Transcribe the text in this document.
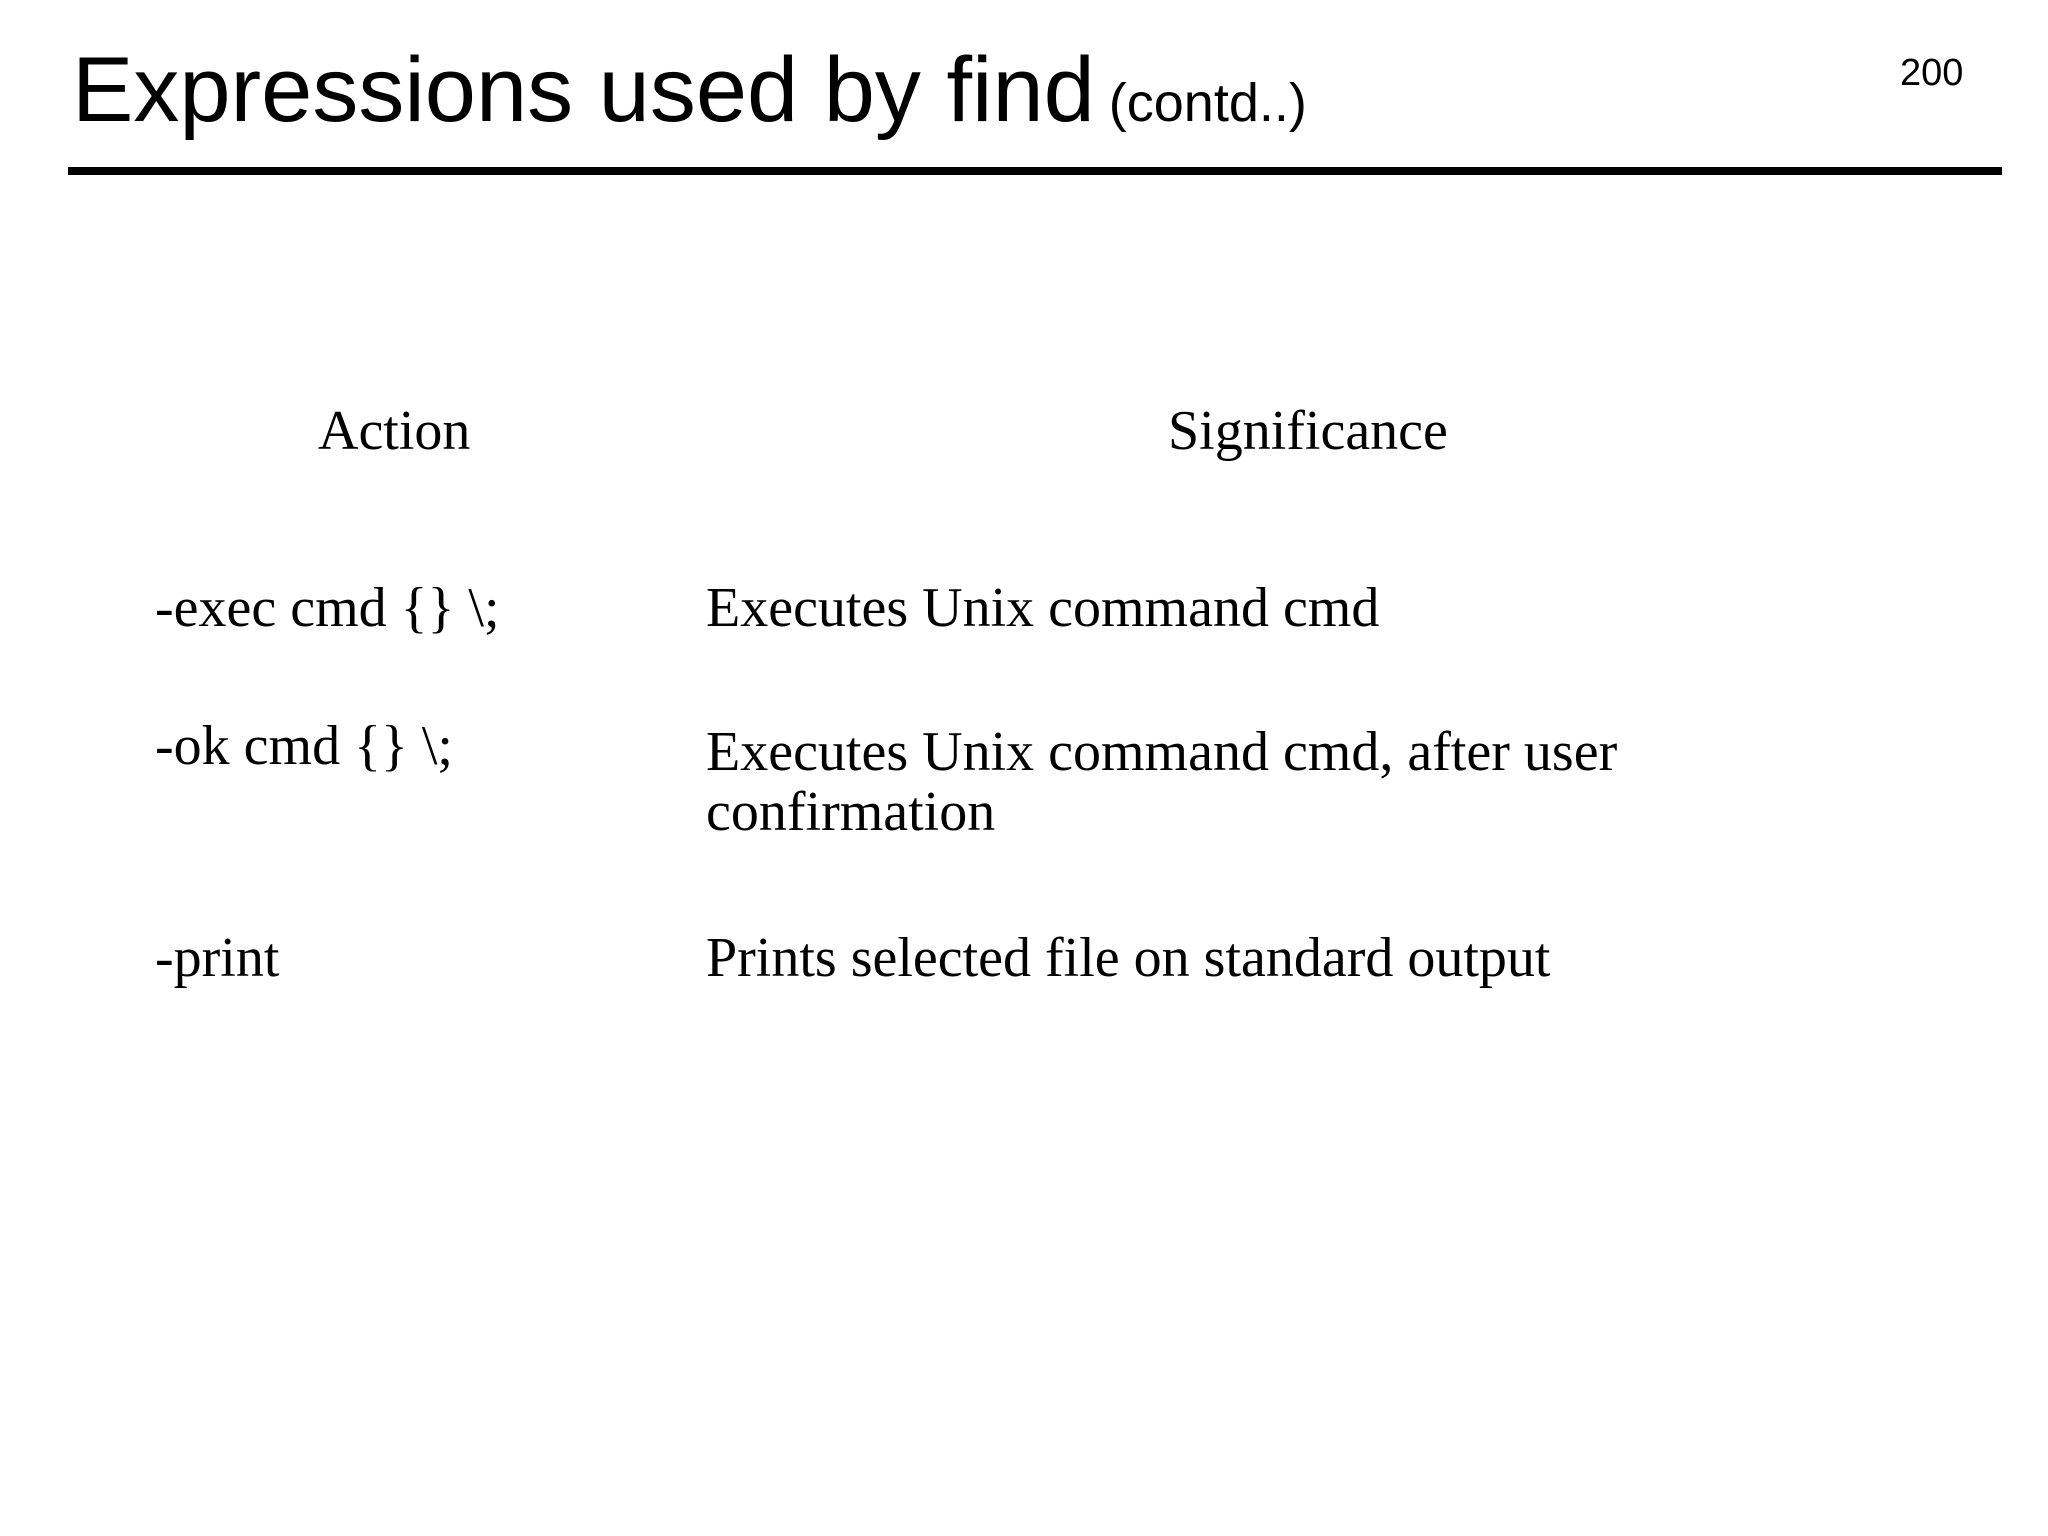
Expressions used by find (contd..)	200
Action	Significance
-exec cmd {} \;	Executes Unix command cmd
-ok cmd {} \;	Executes Unix command cmd, after user
confirmation
-print	Prints selected file on standard output
